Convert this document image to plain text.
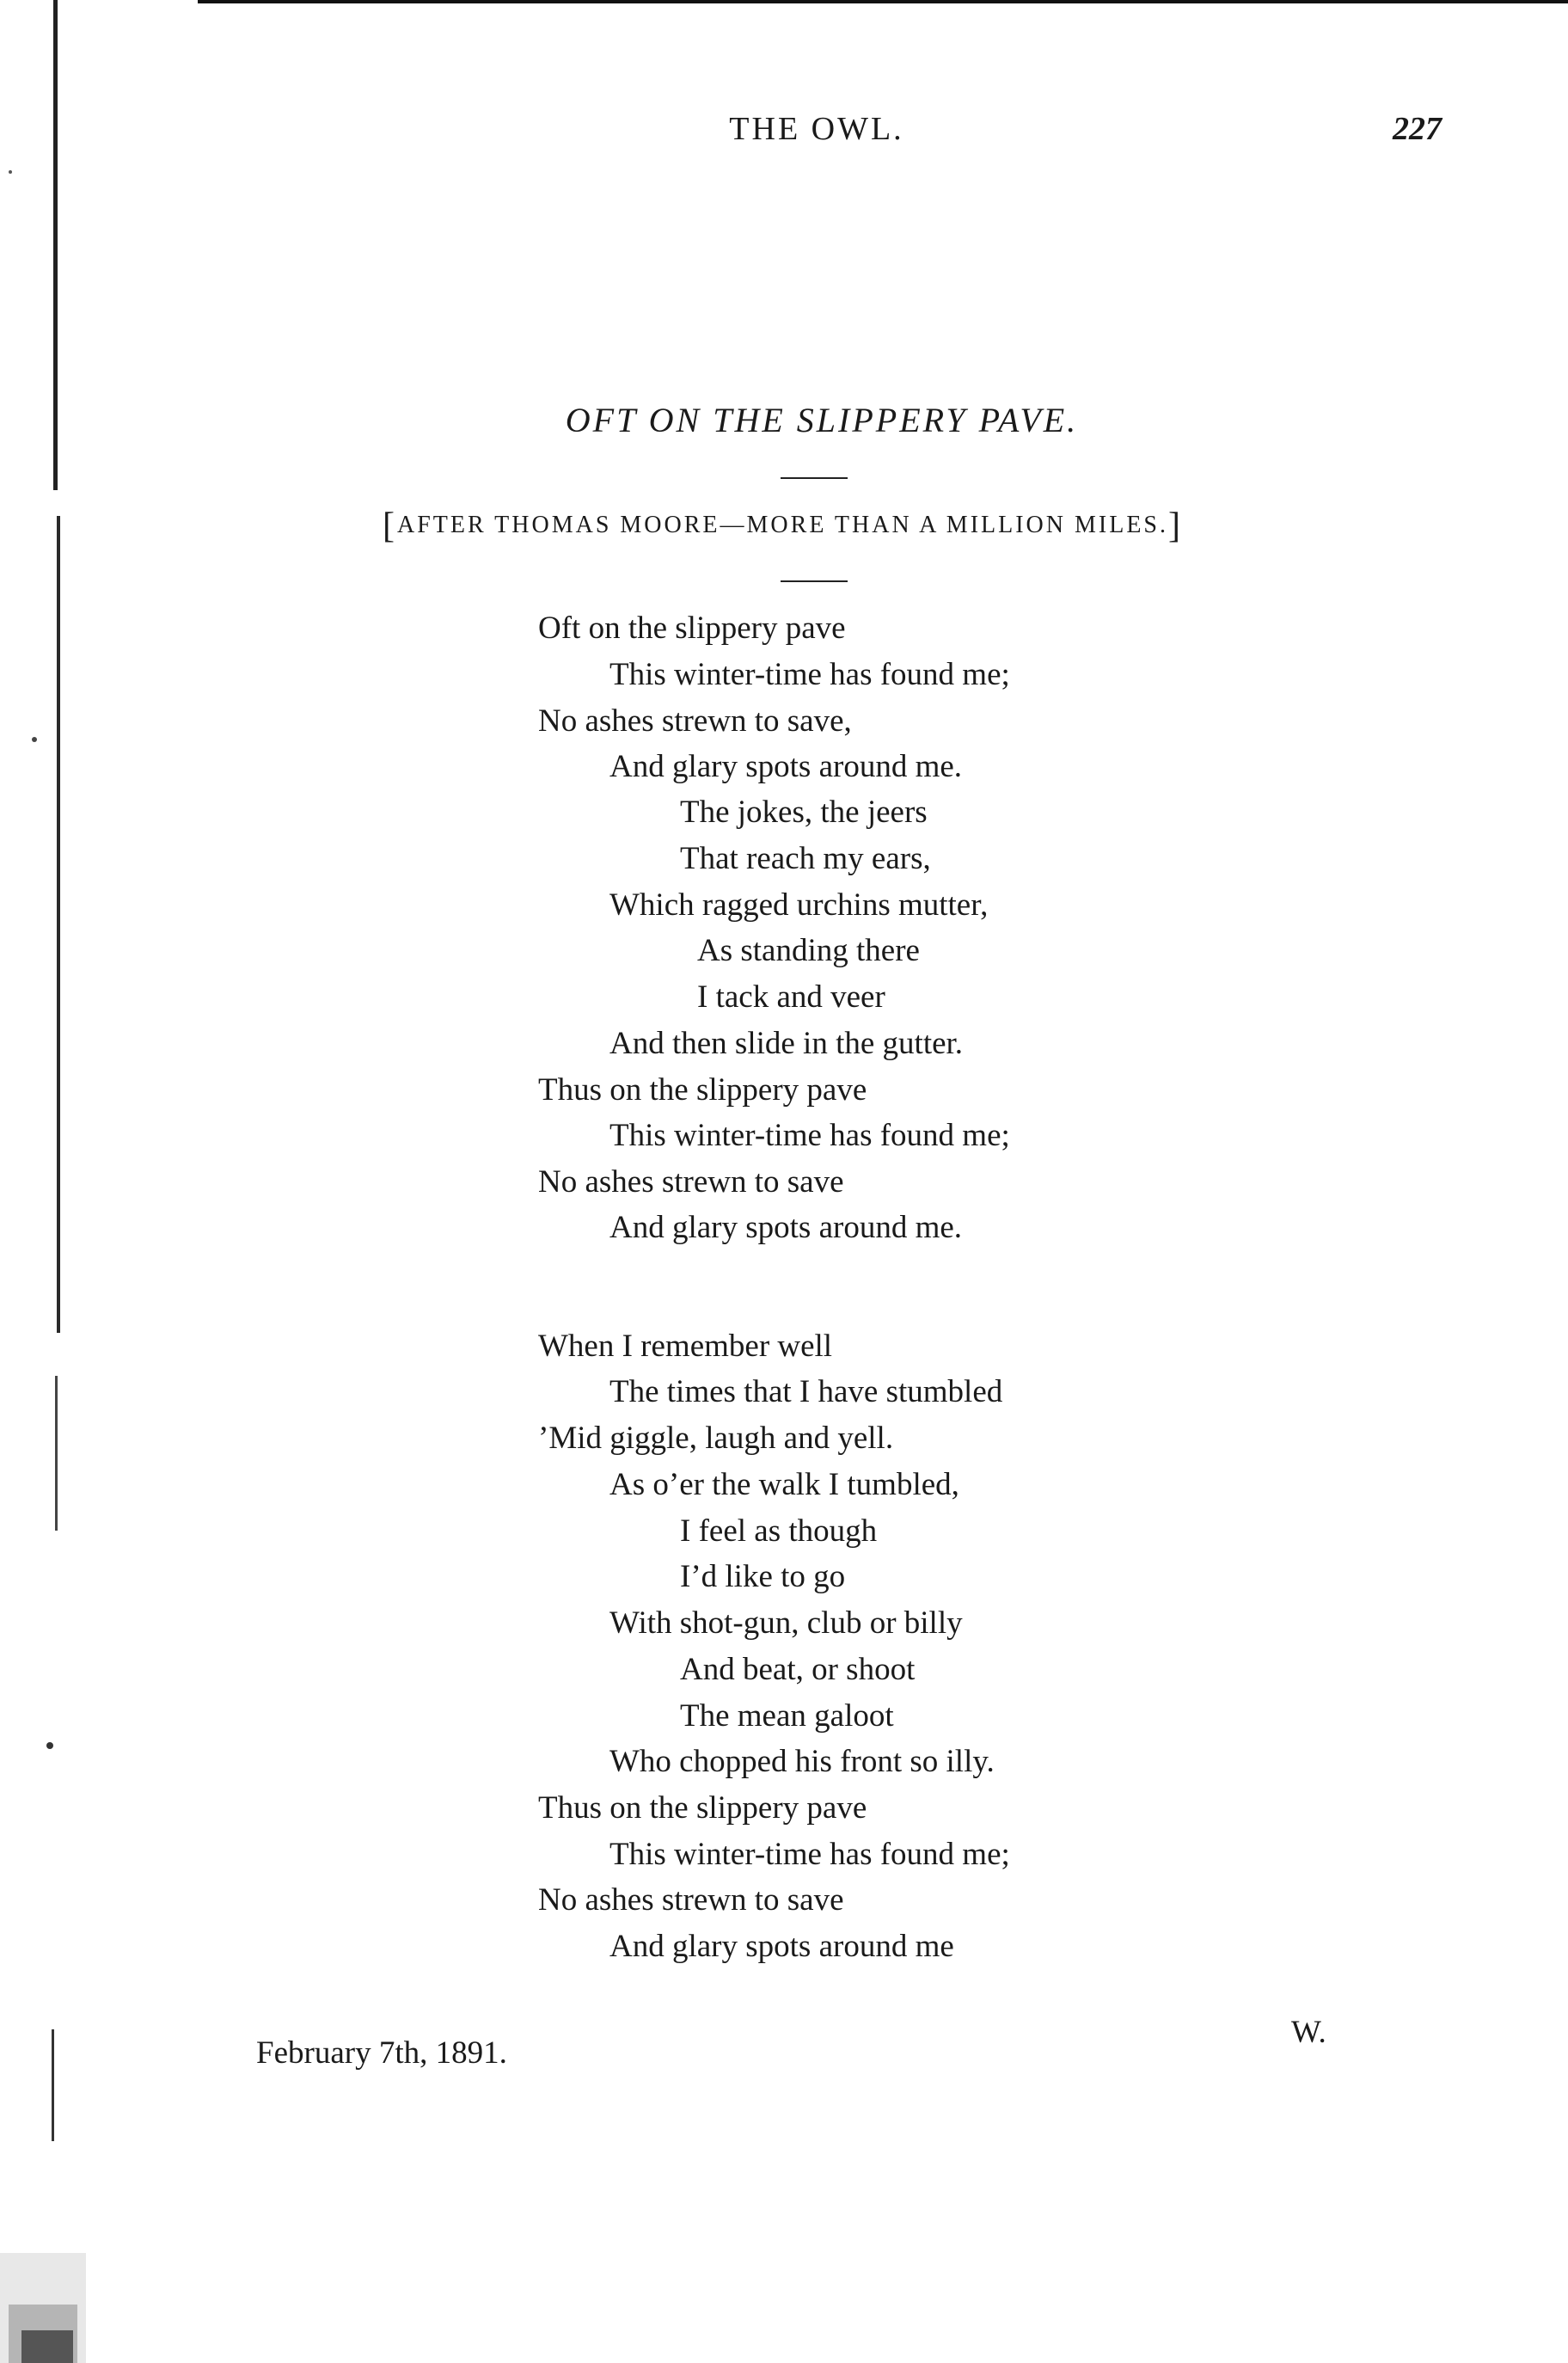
THE OWL.	227
OFT ON THE SLIPPERY PAVE.
[AFTER THOMAS MOORE—MORE THAN A MILLION MILES.]
Oft on the slippery pave
This winter-time has found me;
No ashes strewn to save,
And glary spots around me.
The jokes, the jeers
That reach my ears,
Which ragged urchins mutter,
As standing there
I tack and veer
And then slide in the gutter.
Thus on the slippery pave
This winter-time has found me;
No ashes strewn to save
And glary spots around me.
When I remember well
The times that I have stumbled
’Mid giggle, laugh and yell.
As o’er the walk I tumbled,
I feel as though
I’d like to go
With shot-gun, club or billy
And beat, or shoot
The mean galoot
Who chopped his front so illy.
Thus on the slippery pave
This winter-time has found me;
No ashes strewn to save
And glary spots around me
February 7th, 1891.
W.
